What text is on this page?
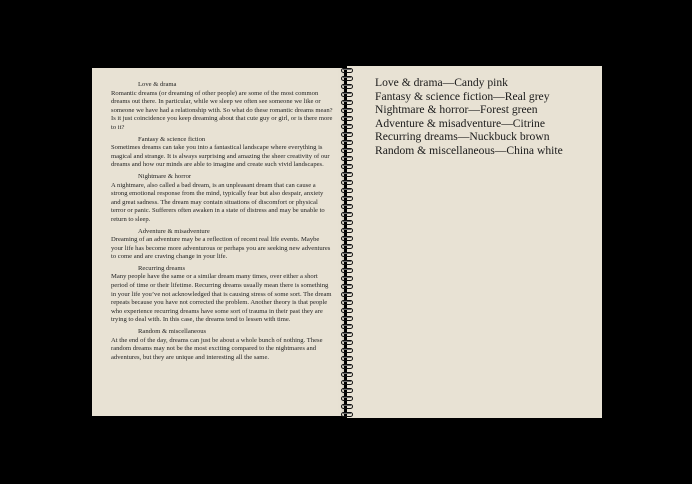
Love & drama
Romantic dreams (or dreaming of other people) are some of the most common dreams out there. In particular, while we sleep we often see someone we like or someone we have had a relationship with. So what do these romantic dreams mean? Is it just coincidence you keep dreaming about that cute guy or girl, or is there more to it?
Fantasy & science fiction
Sometimes dreams can take you into a fantastical landscape where everything is magical and strange. It is always surprising and amazing the sheer creativity of our dreams and how our minds are able to imagine and create such vivid landscapes.
Nightmare & horror
A nightmare, also called a bad dream, is an unpleasant dream that can cause a strong emotional response from the mind, typically fear but also despair, anxiety and great sadness. The dream may contain situations of discomfort or physical terror or panic. Sufferers often awaken in a state of distress and may be unable to return to sleep.
Adventure & misadventure
Dreaming of an adventure may be a reflection of recent real life events. Maybe your life has become more adventurous or perhaps you are seeking new adventures to come and are craving change in your life.
Recurring dreams
Many people have the same or a similar dream many times, over either a short period of time or their lifetime. Recurring dreams usually mean there is something in your life you’ve not acknowledged that is causing stress of some sort. The dream repeats because you have not corrected the problem. Another theory is that people who experience recurring dreams have some sort of trauma in their past they are trying to deal with. In this case, the dreams tend to lessen with time.
Random & miscellaneous
At the end of the day, dreams can just be about a whole bunch of nothing. These random dreams may not be the most exciting compared to the nightmares and adventures, but they are unique and interesting all the same.
Love & drama—Candy pink
Fantasy & science fiction—Real grey
Nightmare & horror—Forest green
Adventure & misadventure—Citrine
Recurring dreams—Nuckbuck brown
Random & miscellaneous—China white
